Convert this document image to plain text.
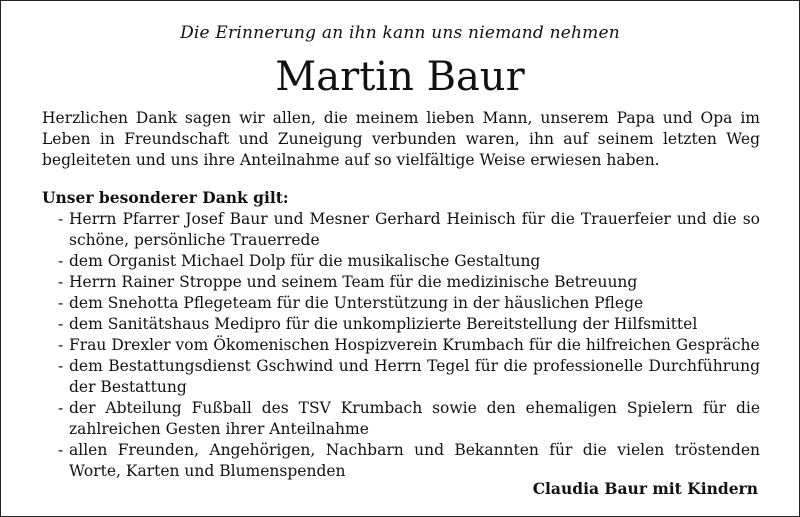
Die Erinnerung an ihn kann uns niemand nehmen
Martin Baur
Herzlichen Dank sagen wir allen, die meinem lieben Mann, unserem Papa und Opa im Leben in Freundschaft und Zuneigung verbunden waren, ihn auf seinem letzten Weg begleiteten und uns ihre Anteilnahme auf so vielfältige Weise erwiesen haben.
Unser besonderer Dank gilt:
- Herrn Pfarrer Josef Baur und Mesner Gerhard Heinisch für die Trauerfeier und die so schöne, persönliche Trauerrede
- dem Organist Michael Dolp für die musikalische Gestaltung
- Herrn Rainer Stroppe und seinem Team für die medizinische Betreuung
- dem Snehotta Pflegeteam für die Unterstützung in der häuslichen Pflege
- dem Sanitätshaus Medipro für die unkomplizierte Bereitstellung der Hilfsmittel
- Frau Drexler vom Ökomenischen Hospizverein Krumbach für die hilfreichen Gespräche
- dem Bestattungsdienst Gschwind und Herrn Tegel für die professionelle Durchführung der Bestattung
- der Abteilung Fußball des TSV Krumbach sowie den ehemaligen Spielern für die zahlreichen Gesten ihrer Anteilnahme
- allen Freunden, Angehörigen, Nachbarn und Bekannten für die vielen tröstenden Worte, Karten und Blumenspenden
Claudia Baur mit Kindern
